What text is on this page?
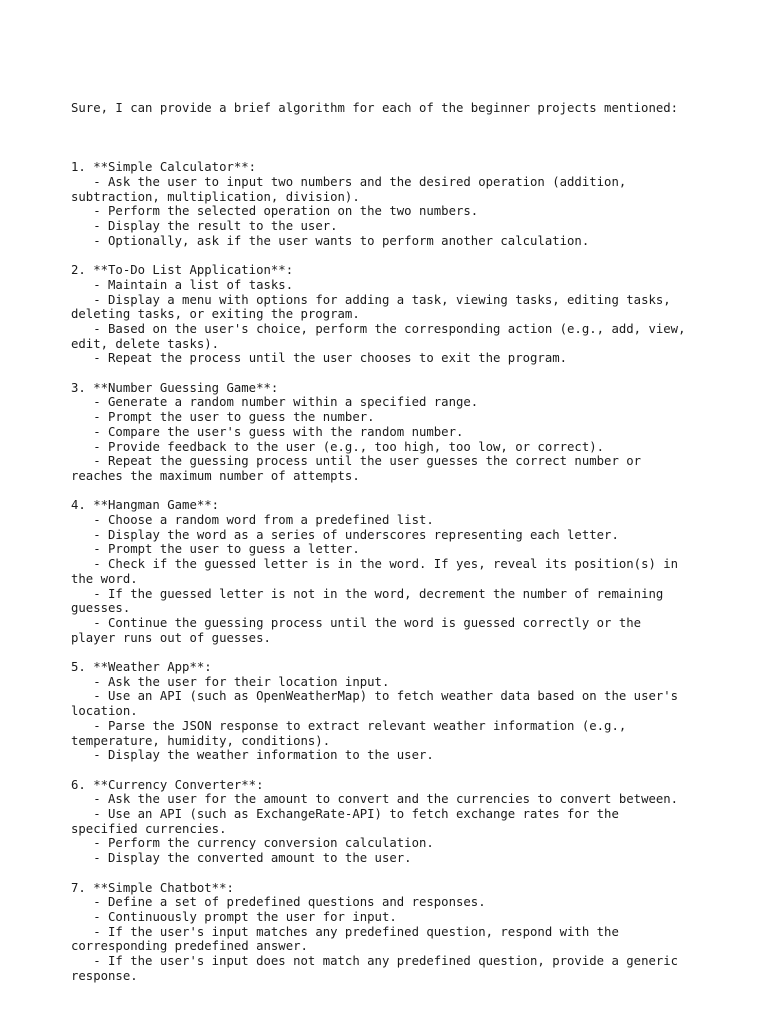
Sure, I can provide a brief algorithm for each of the beginner projects mentioned:

1. **Simple Calculator**:
- Ask the user to input two numbers and the desired operation (addition,
subtraction, multiplication, division).
- Perform the selected operation on the two numbers.
- Display the result to the user.
- Optionally, ask if the user wants to perform another calculation.
2. **To-Do List Application**:
- Maintain a list of tasks.
- Display a menu with options for adding a task, viewing tasks, editing tasks,
deleting tasks, or exiting the program.
- Based on the user's choice, perform the corresponding action (e.g., add, view,
edit, delete tasks).
- Repeat the process until the user chooses to exit the program.
3. **Number Guessing Game**:
- Generate a random number within a specified range.
- Prompt the user to guess the number.
- Compare the user's guess with the random number.
- Provide feedback to the user (e.g., too high, too low, or correct).
- Repeat the guessing process until the user guesses the correct number or
reaches the maximum number of attempts.
4. **Hangman Game**:
- Choose a random word from a predefined list.
- Display the word as a series of underscores representing each letter.
- Prompt the user to guess a letter.
- Check if the guessed letter is in the word. If yes, reveal its position(s) in
the word.
- If the guessed letter is not in the word, decrement the number of remaining
guesses.
- Continue the guessing process until the word is guessed correctly or the
player runs out of guesses.
5. **Weather App**:
- Ask the user for their location input.
- Use an API (such as OpenWeatherMap) to fetch weather data based on the user's
location.
- Parse the JSON response to extract relevant weather information (e.g.,
temperature, humidity, conditions).
- Display the weather information to the user.
6. **Currency Converter**:
- Ask the user for the amount to convert and the currencies to convert between.
- Use an API (such as ExchangeRate-API) to fetch exchange rates for the
specified currencies.
- Perform the currency conversion calculation.
- Display the converted amount to the user.
7. **Simple Chatbot**:
- Define a set of predefined questions and responses.
- Continuously prompt the user for input.
- If the user's input matches any predefined question, respond with the
corresponding predefined answer.
- If the user's input does not match any predefined question, provide a generic
response.
